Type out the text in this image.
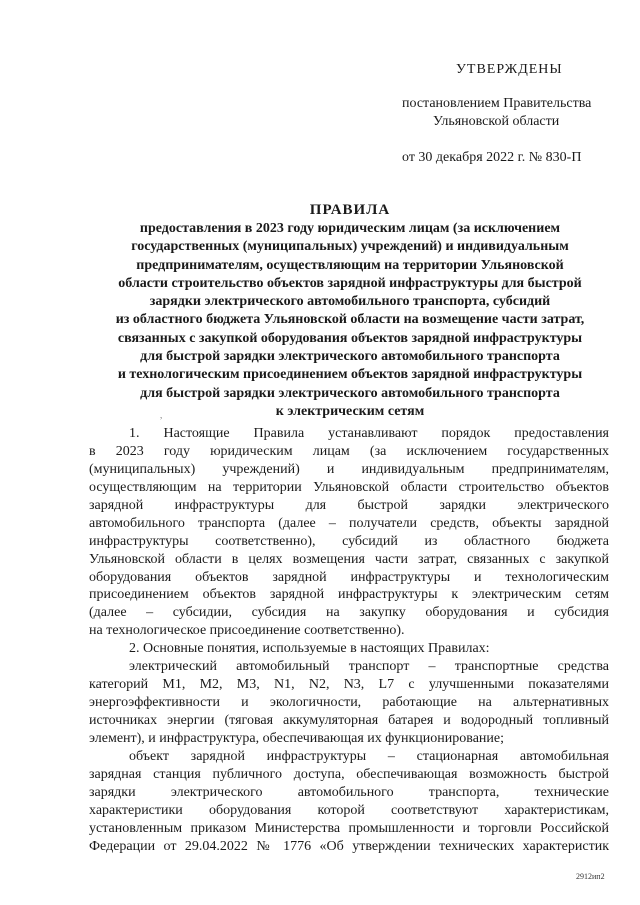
УТВЕРЖДЕНЫ
постановлением Правительства
Ульяновской области
от 30 декабря 2022 г. № 830-П
ПРАВИЛА
предоставления в 2023 году юридическим лицам (за исключением
государственных (муниципальных) учреждений) и индивидуальным
предпринимателям, осуществляющим на территории Ульяновской
области строительство объектов зарядной инфраструктуры для быстрой
зарядки электрического автомобильного транспорта, субсидий
из областного бюджета Ульяновской области на возмещение части затрат,
связанных с закупкой оборудования объектов зарядной инфраструктуры
для быстрой зарядки электрического автомобильного транспорта
и технологическим присоединением объектов зарядной инфраструктуры
для быстрой зарядки электрического автомобильного транспорта
к электрическим сетям
,
1. Настоящие Правила устанавливают порядок предоставления
в 2023 году юридическим лицам (за исключением государственных
(муниципальных) учреждений) и индивидуальным предпринимателям,
осуществляющим на территории Ульяновской области строительство объектов
зарядной инфраструктуры для быстрой зарядки электрического
автомобильного транспорта (далее – получатели средств, объекты зарядной
инфраструктуры соответственно), субсидий из областного бюджета
Ульяновской области в целях возмещения части затрат, связанных с закупкой
оборудования объектов зарядной инфраструктуры и технологическим
присоединением объектов зарядной инфраструктуры к электрическим сетям
(далее – субсидии, субсидия на закупку оборудования и субсидия
на технологическое присоединение соответственно).
2. Основные понятия, используемые в настоящих Правилах:
электрический автомобильный транспорт – транспортные средства
категорий M1, M2, M3, N1, N2, N3, L7 с улучшенными показателями
энергоэффективности и экологичности, работающие на альтернативных
источниках энергии (тяговая аккумуляторная батарея и водородный топливный
элемент), и инфраструктура, обеспечивающая их функционирование;
объект зарядной инфраструктуры – стационарная автомобильная
зарядная станция публичного доступа, обеспечивающая возможность быстрой
зарядки электрического автомобильного транспорта, технические
характеристики оборудования которой соответствуют характеристикам,
установленным приказом Министерства промышленности и торговли Российской
Федерации от 29.04.2022 № 1776 «Об утверждении технических характеристик
2912ип2
